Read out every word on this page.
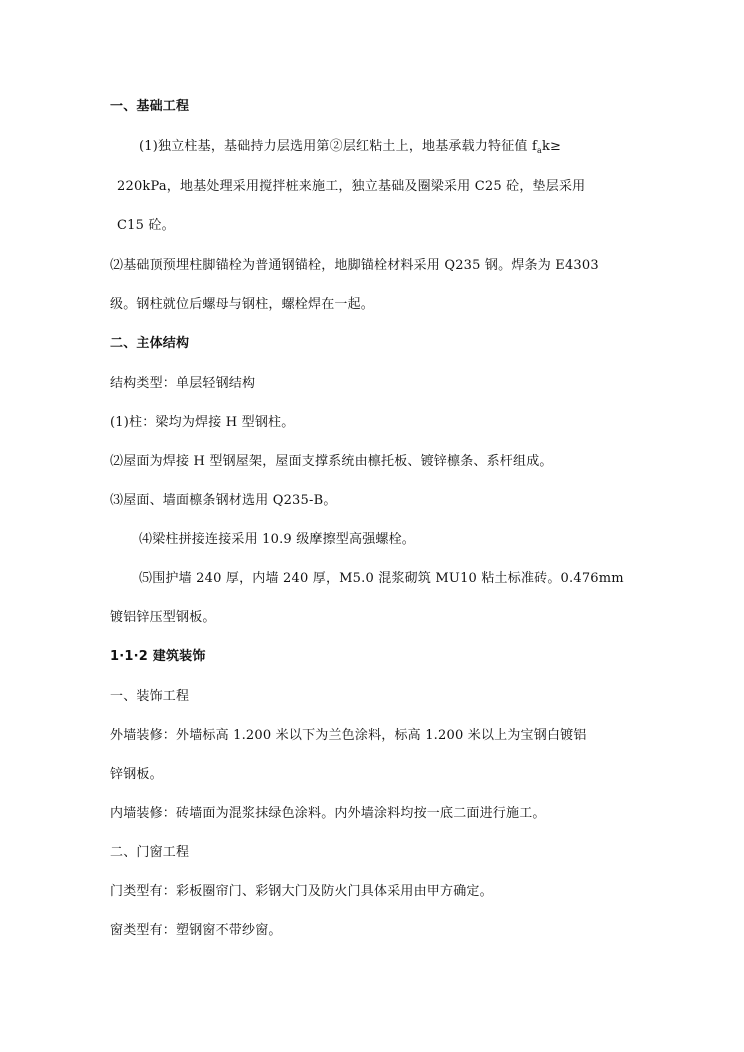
一、基础工程
(1)独立柱基，基础持力层选用第②层红粘土上，地基承载力特征值 $f_ak\ge$
220kPa，地基处理采用搅拌桩来施工，独立基础及圈梁采用 C25 砼，垫层采用
C15 砼。
⑵基础顶预埋柱脚锚栓为普通钢锚栓，地脚锚栓材料采用 Q235 钢。焊条为 E4303
级。钢柱就位后螺母与钢柱，螺栓焊在一起。
二、主体结构
结构类型：单层轻钢结构
(1)柱：梁均为焊接 H 型钢柱。
⑵屋面为焊接 H 型钢屋架，屋面支撑系统由檩托板、镀锌檩条、系杆组成。
⑶屋面、墙面檩条钢材选用 Q235-B。
⑷梁柱拼接连接采用 10.9 级摩擦型高强螺栓。
⑸围护墙 240 厚，内墙 240 厚，M5.0 混浆砌筑 MU10 粘土标准砖。0.476mm
镀铝锌压型钢板。
1·1·2 建筑装饰
一、装饰工程
外墙装修：外墙标高 1.200 米以下为兰色涂料，标高 1.200 米以上为宝钢白镀铝
锌钢板。
内墙装修：砖墙面为混浆抹绿色涂料。内外墙涂料均按一底二面进行施工。
二、门窗工程
门类型有：彩板圈帘门、彩钢大门及防火门具体采用由甲方确定。
窗类型有：塑钢窗不带纱窗。
